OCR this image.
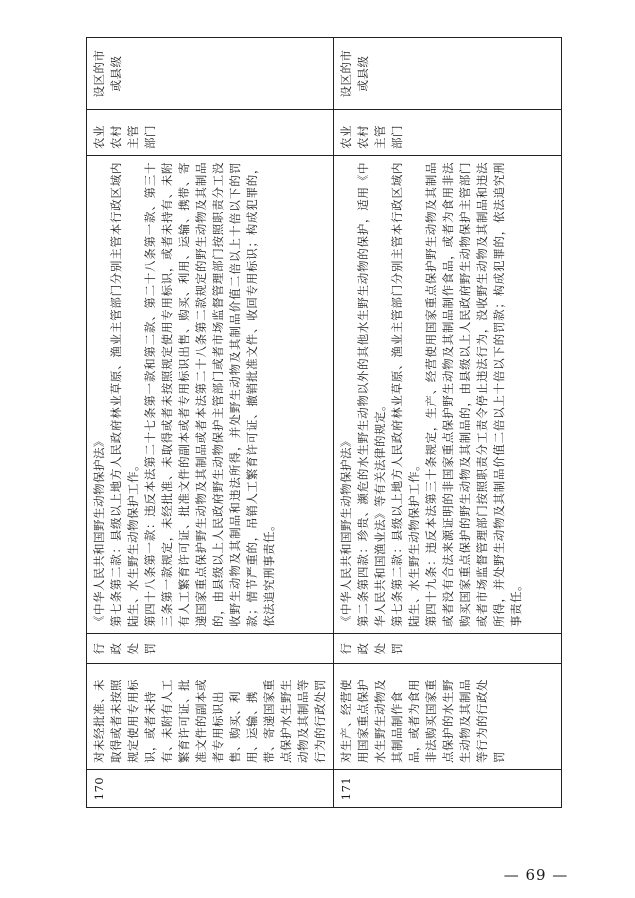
170	对未经批准、未取得或者未按照规定使用专用标识，或者未持有、未附有人工繁育许可证、批准文件的副本或者专用标识出售、购买、利用、运输、携带、寄递国家重点保护水生野生动物及其制品等行为的行政处罚	行政处罚	《中华人民共和国野生动物保护法》 第七条第二款：县级以上地方人民政府林业草原、渔业主管部门分别主管本行政区域内陆生、水生野生动物保护工作。 第四十八条第一款：违反本法第二十七条第一款和第二款、第二十八条第一款、第三十三条第一款规定，未经批准、未取得或者未按照规定使用专用标识，或者未持有、未附有人工繁育许可证、批准文件的副本或者专用标识出售、购买、利用、运输、携带、寄递国家重点保护野生动物及其制品或者本法第二十八条第二款规定的野生动物及其制品的，由县级以上人民政府野生动物保护主管部门或者市场监督管理部门按照职责分工没收野生动物及其制品和违法所得，并处野生动物及其制品价值二倍以上十倍以下的罚款；情节严重的，吊销人工繁育许可证、撤销批准文件、收回专用标识；构成犯罪的，依法追究刑事责任。	农业农村主管部门	设区的市或县级
171	对生产、经营使用国家重点保护水生野生动物及其制品制作食品，或者为食用非法购买国家重点保护的水生野生动物及其制品等行为的行政处罚	行政处罚	《中华人民共和国野生动物保护法》 第二条第四款：珍贵、濒危的水生野生动物以外的其他水生野生动物的保护，适用《中华人民共和国渔业法》等有关法律的规定。 第七条第二款：县级以上地方人民政府林业草原、渔业主管部门分别主管本行政区域内陆生、水生野生动物保护工作。 第四十九条：违反本法第三十条规定，生产、经营使用国家重点保护野生动物及其制品或者没有合法来源证明的非国家重点保护野生动物及其制品制作食品，或者为食用非法购买国家重点保护的野生动物及其制品的，由县级以上人民政府野生动物保护主管部门或者市场监督管理部门按照职责分工责令停止违法行为，没收野生动物及其制品和违法所得，并处野生动物及其制品价值二倍以上十倍以下的罚款；构成犯罪的，依法追究刑事责任。	农业农村主管部门	设区的市或县级
— 69 —
